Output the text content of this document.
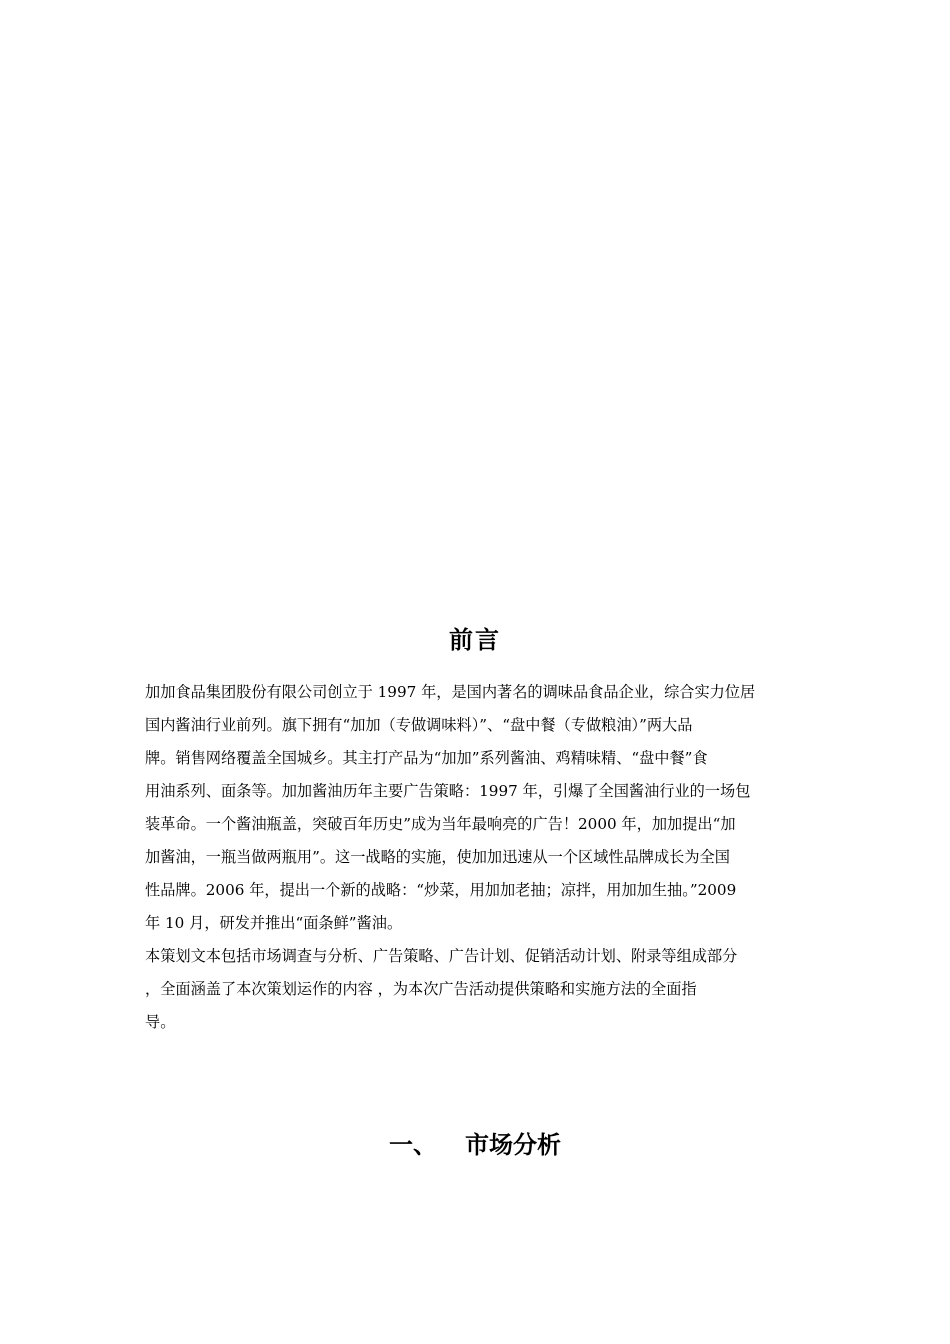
前言
加加食品集团股份有限公司创立于 1997 年，是国内著名的调味品食品企业，综合实力位居
国内酱油行业前列。旗下拥有“加加（专做调味料）”、“盘中餐（专做粮油）”两大品
牌。销售网络覆盖全国城乡。其主打产品为“加加”系列酱油、鸡精味精、“盘中餐”食
用油系列、面条等。加加酱油历年主要广告策略：1997 年，引爆了全国酱油行业的一场包
装革命。一个酱油瓶盖，突破百年历史”成为当年最响亮的广告！2000 年，加加提出“加
加酱油，一瓶当做两瓶用”。这一战略的实施，使加加迅速从一个区域性品牌成长为全国
性品牌。2006 年，提出一个新的战略：“炒菜，用加加老抽；凉拌，用加加生抽。”2009
年 10 月，研发并推出“面条鲜”酱油。
本策划文本包括市场调查与分析、广告策略、广告计划、促销活动计划、附录等组成部分
，全面涵盖了本次策划运作的内容 ，为本次广告活动提供策略和实施方法的全面指
导。
一、 市场分析
